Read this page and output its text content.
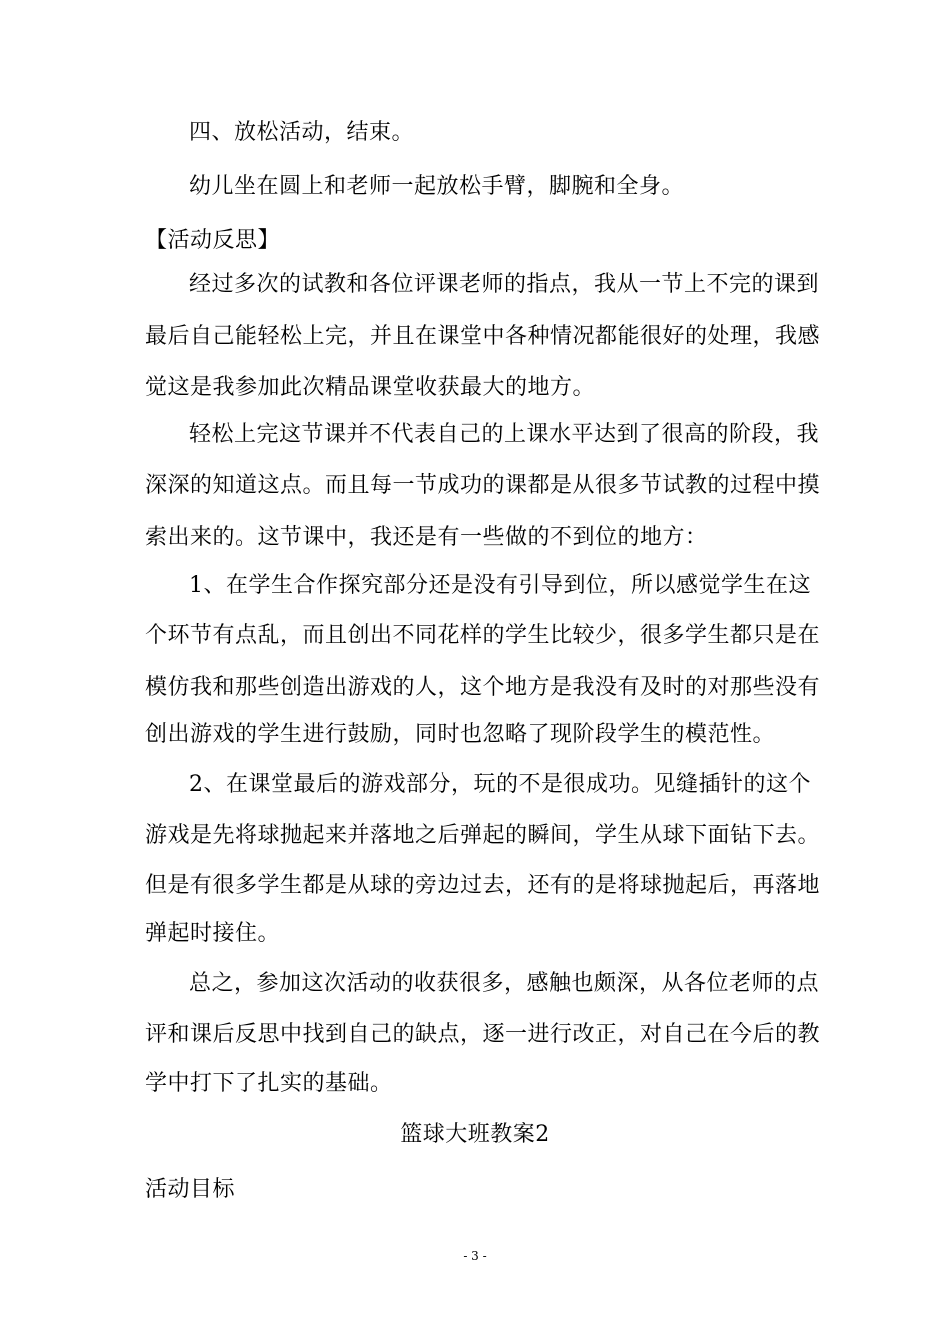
四、放松活动，结束。
幼儿坐在圆上和老师一起放松手臂，脚腕和全身。
【活动反思】
经过多次的试教和各位评课老师的指点，我从一节上不完的课到
最后自己能轻松上完，并且在课堂中各种情况都能很好的处理，我感
觉这是我参加此次精品课堂收获最大的地方。
轻松上完这节课并不代表自己的上课水平达到了很高的阶段，我
深深的知道这点。而且每一节成功的课都是从很多节试教的过程中摸
索出来的。这节课中，我还是有一些做的不到位的地方：
1、在学生合作探究部分还是没有引导到位，所以感觉学生在这
个环节有点乱，而且创出不同花样的学生比较少，很多学生都只是在
模仿我和那些创造出游戏的人，这个地方是我没有及时的对那些没有
创出游戏的学生进行鼓励，同时也忽略了现阶段学生的模范性。
2、在课堂最后的游戏部分，玩的不是很成功。见缝插针的这个
游戏是先将球抛起来并落地之后弹起的瞬间，学生从球下面钻下去。
但是有很多学生都是从球的旁边过去，还有的是将球抛起后，再落地
弹起时接住。
总之，参加这次活动的收获很多，感触也颇深，从各位老师的点
评和课后反思中找到自己的缺点，逐一进行改正，对自己在今后的教
学中打下了扎实的基础。
篮球大班教案2
活动目标
- 3 -
